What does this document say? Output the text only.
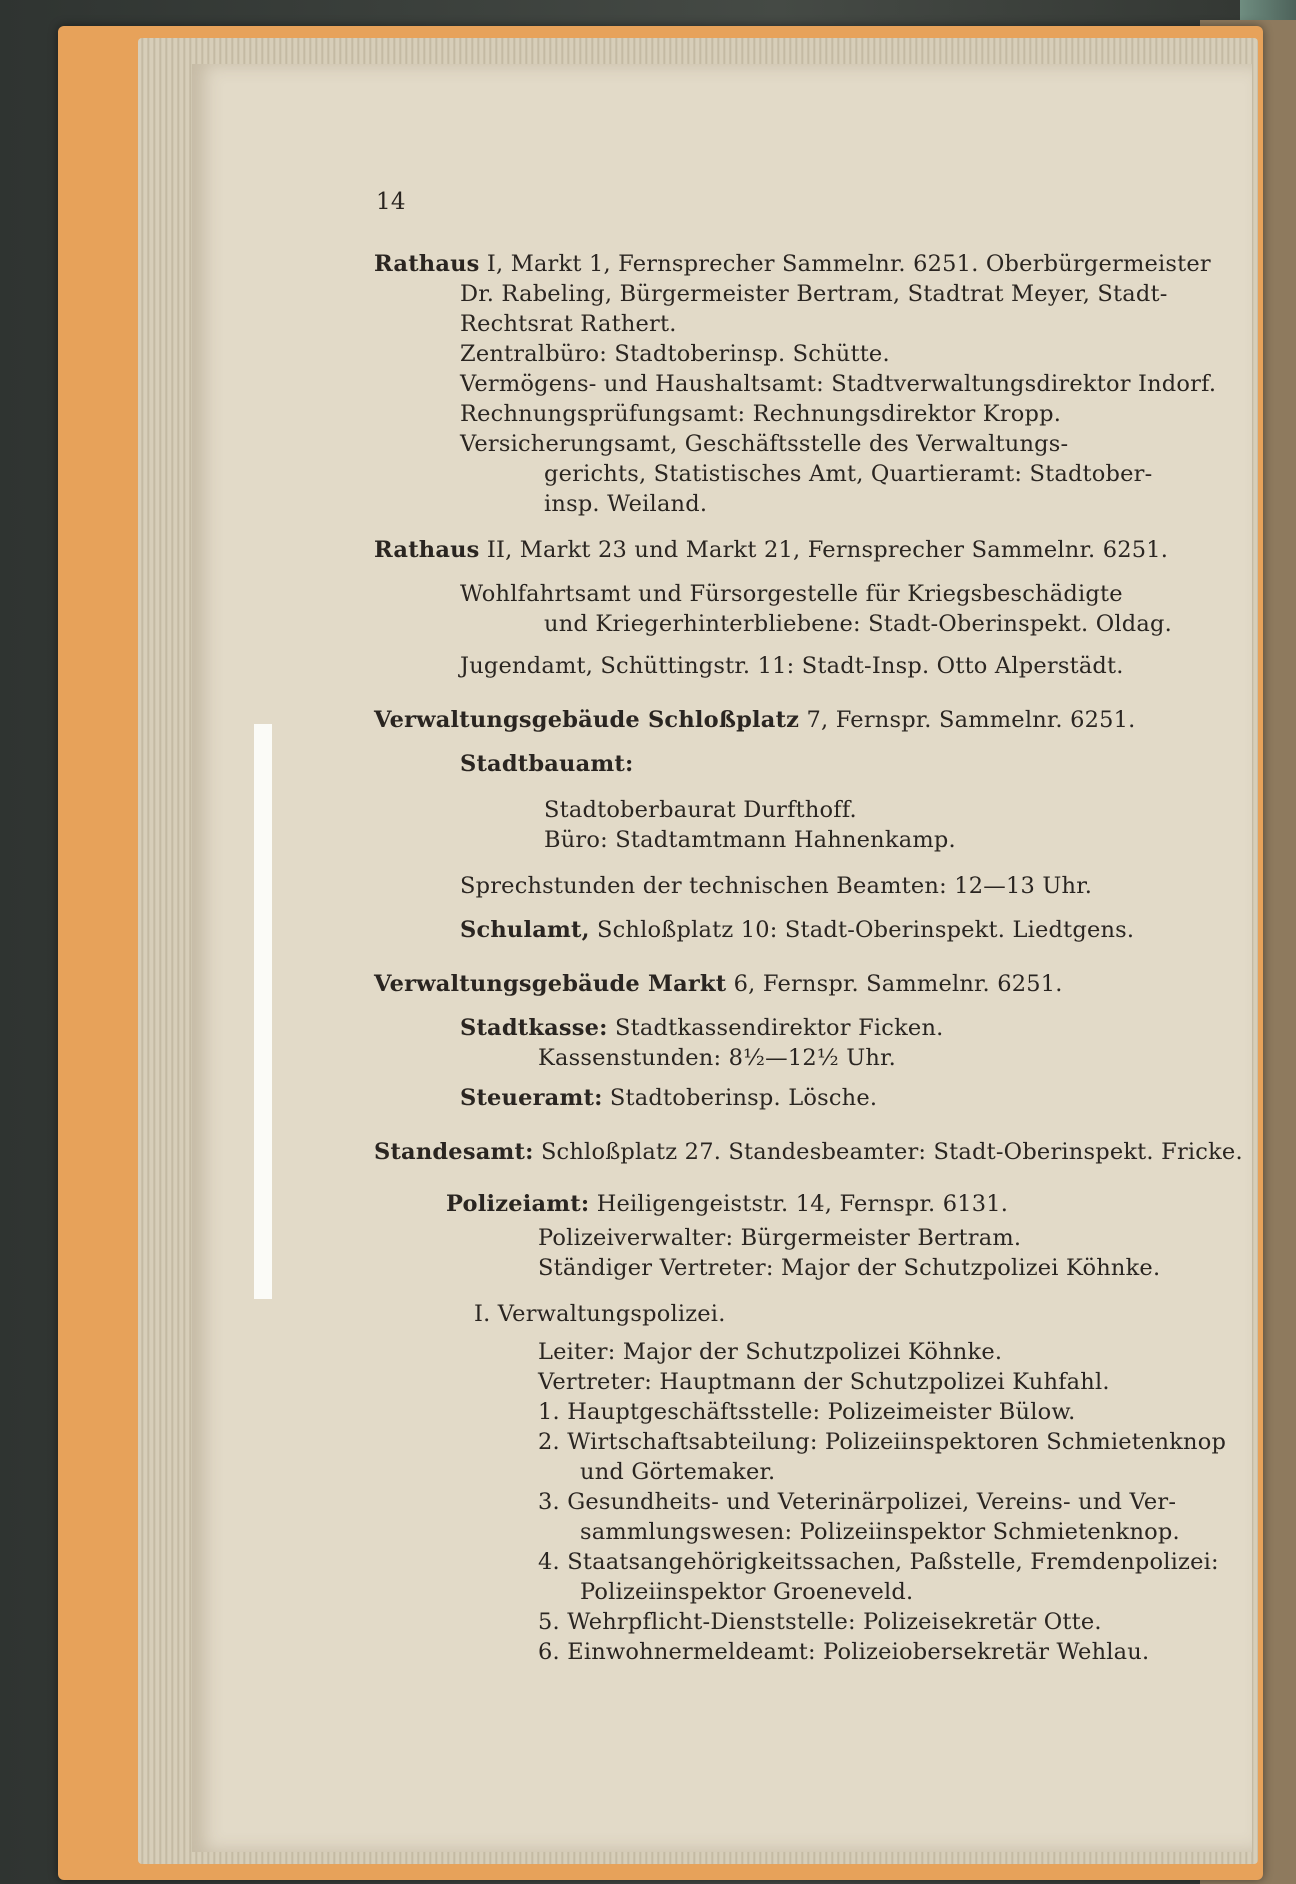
14
Rathaus I, Markt 1, Fernsprecher Sammelnr. 6251. Oberbürgermeister
Dr. Rabeling, Bürgermeister Bertram, Stadtrat Meyer, Stadt-
Rechtsrat Rathert.
Zentralbüro: Stadtoberinsp. Schütte.
Vermögens- und Haushaltsamt: Stadtverwaltungsdirektor Indorf.
Rechnungsprüfungsamt: Rechnungsdirektor Kropp.
Versicherungsamt, Geschäftsstelle des Verwaltungs-
gerichts, Statistisches Amt, Quartieramt: Stadtober-
insp. Weiland.
Rathaus II, Markt 23 und Markt 21, Fernsprecher Sammelnr. 6251.
Wohlfahrtsamt und Fürsorgestelle für Kriegsbeschädigte
und Kriegerhinterbliebene: Stadt-Oberinspekt. Oldag.
Jugendamt, Schüttingstr. 11: Stadt-Insp. Otto Alperstädt.
Verwaltungsgebäude Schloßplatz 7, Fernspr. Sammelnr. 6251.
Stadtbauamt:
Stadtoberbaurat Durfthoff.
Büro: Stadtamtmann Hahnenkamp.
Sprechstunden der technischen Beamten: 12—13 Uhr.
Schulamt, Schloßplatz 10: Stadt-Oberinspekt. Liedtgens.
Verwaltungsgebäude Markt 6, Fernspr. Sammelnr. 6251.
Stadtkasse: Stadtkassendirektor Ficken.
Kassenstunden: 8½—12½ Uhr.
Steueramt: Stadtoberinsp. Lösche.
Standesamt: Schloßplatz 27. Standesbeamter: Stadt-Oberinspekt. Fricke.
Polizeiamt: Heiligengeiststr. 14, Fernspr. 6131.
Polizeiverwalter: Bürgermeister Bertram.
Ständiger Vertreter: Major der Schutzpolizei Köhnke.
I. Verwaltungspolizei.
Leiter: Major der Schutzpolizei Köhnke.
Vertreter: Hauptmann der Schutzpolizei Kuhfahl.
1. Hauptgeschäftsstelle: Polizeimeister Bülow.
2. Wirtschaftsabteilung: Polizeiinspektoren Schmietenknop
und Görtemaker.
3. Gesundheits- und Veterinärpolizei, Vereins- und Ver-
sammlungswesen: Polizeiinspektor Schmietenknop.
4. Staatsangehörigkeitssachen, Paßstelle, Fremdenpolizei:
Polizeiinspektor Groeneveld.
5. Wehrpflicht-Dienststelle: Polizeisekretär Otte.
6. Einwohnermeldeamt: Polizeiobersekretär Wehlau.
